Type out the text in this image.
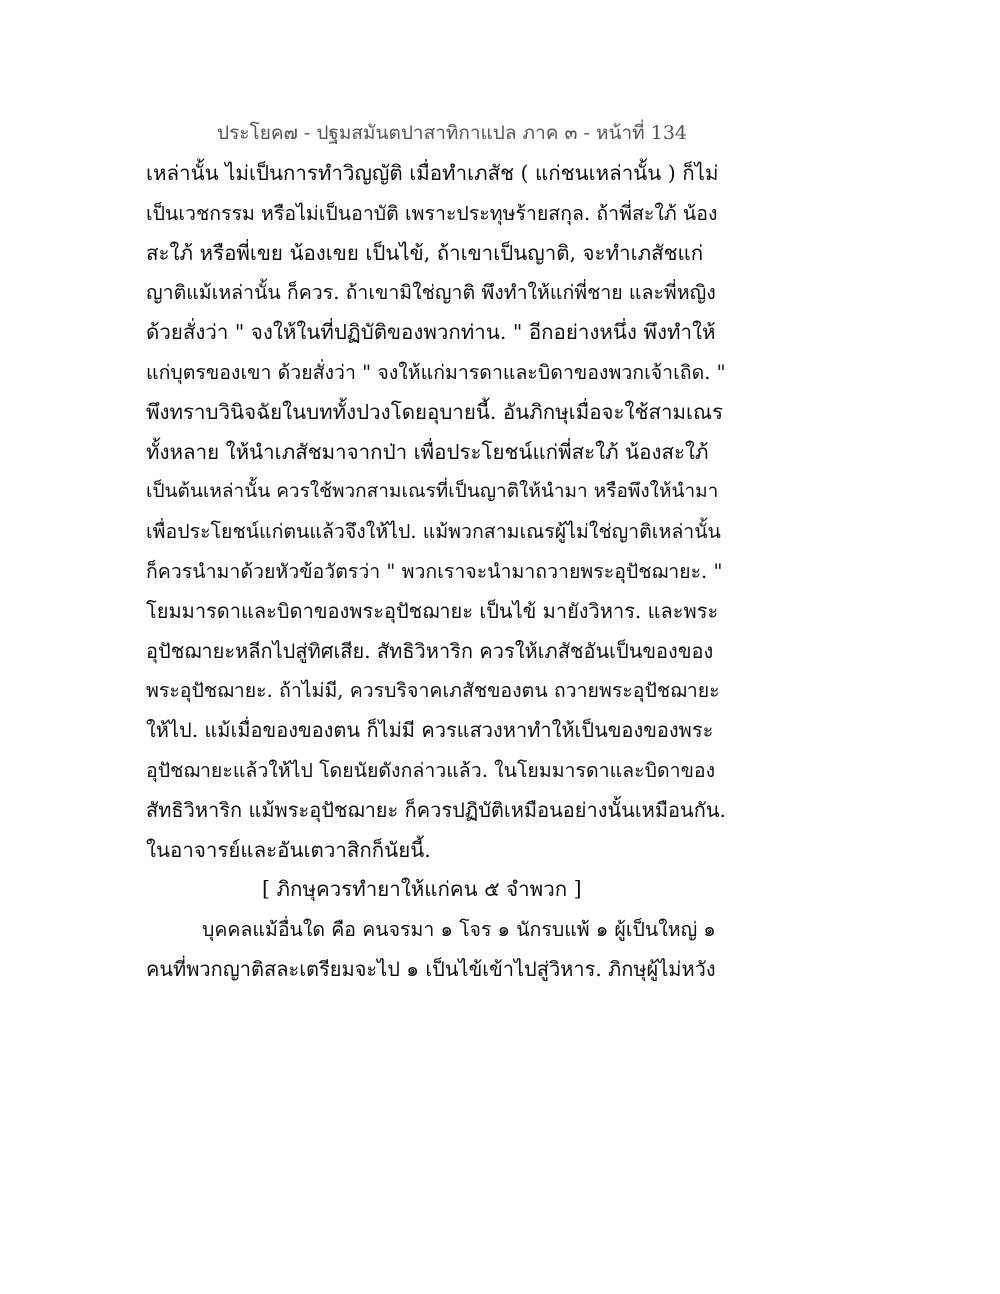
ประโยค๗ - ปฐมสมันตปาสาทิกาแปล ภาค ๓ - หน้าที่ 134
เหล่านั้น ไม่เป็นการทำวิญญัติ เมื่อทำเภสัช ( แก่ชนเหล่านั้น ) ก็ไม่
เป็นเวชกรรม หรือไม่เป็นอาบัติ เพราะประทุษร้ายสกุล. ถ้าพี่สะใภ้ น้อง
สะใภ้ หรือพี่เขย น้องเขย เป็นไข้, ถ้าเขาเป็นญาติ, จะทำเภสัชแก่
ญาติแม้เหล่านั้น ก็ควร. ถ้าเขามิใช่ญาติ พึงทำให้แก่พี่ชาย และพี่หญิง
ด้วยสั่งว่า " จงให้ในที่ปฏิบัติของพวกท่าน. " อีกอย่างหนึ่ง พึงทำให้
แก่บุตรของเขา ด้วยสั่งว่า " จงให้แก่มารดาและบิดาของพวกเจ้าเถิด. "
พึงทราบวินิจฉัยในบททั้งปวงโดยอุบายนี้. อันภิกษุเมื่อจะใช้สามเณร
ทั้งหลาย ให้นำเภสัชมาจากป่า เพื่อประโยชน์แก่พี่สะใภ้ น้องสะใภ้
เป็นต้นเหล่านั้น ควรใช้พวกสามเณรที่เป็นญาติให้นำมา หรือพึงให้นำมา
เพื่อประโยชน์แก่ตนแล้วจึงให้ไป. แม้พวกสามเณรผู้ไม่ใช่ญาติเหล่านั้น
ก็ควรนำมาด้วยหัวข้อวัตรว่า " พวกเราจะนำมาถวายพระอุปัชฌายะ. "
โยมมารดาและบิดาของพระอุปัชฌายะ เป็นไข้ มายังวิหาร. และพระ
อุปัชฌายะหลีกไปสู่ทิศเสีย. สัทธิวิหาริก ควรให้เภสัชอันเป็นของของ
พระอุปัชฌายะ. ถ้าไม่มี, ควรบริจาคเภสัชของตน ถวายพระอุปัชฌายะ
ให้ไป. แม้เมื่อของของตน ก็ไม่มี ควรแสวงหาทำให้เป็นของของพระ
อุปัชฌายะแล้วให้ไป โดยนัยดังกล่าวแล้ว. ในโยมมารดาและบิดาของ
สัทธิวิหาริก แม้พระอุปัชฌายะ ก็ควรปฏิบัติเหมือนอย่างนั้นเหมือนกัน.
ในอาจารย์และอันเตวาสิกก็นัยนี้.
[ ภิกษุควรทำยาให้แก่คน ๕ จำพวก ]
บุคคลแม้อื่นใด คือ คนจรมา ๑ โจร ๑ นักรบแพ้ ๑ ผู้เป็นใหญ่ ๑
คนที่พวกญาติสละเตรียมจะไป ๑ เป็นไข้เข้าไปสู่วิหาร. ภิกษุผู้ไม่หวัง
